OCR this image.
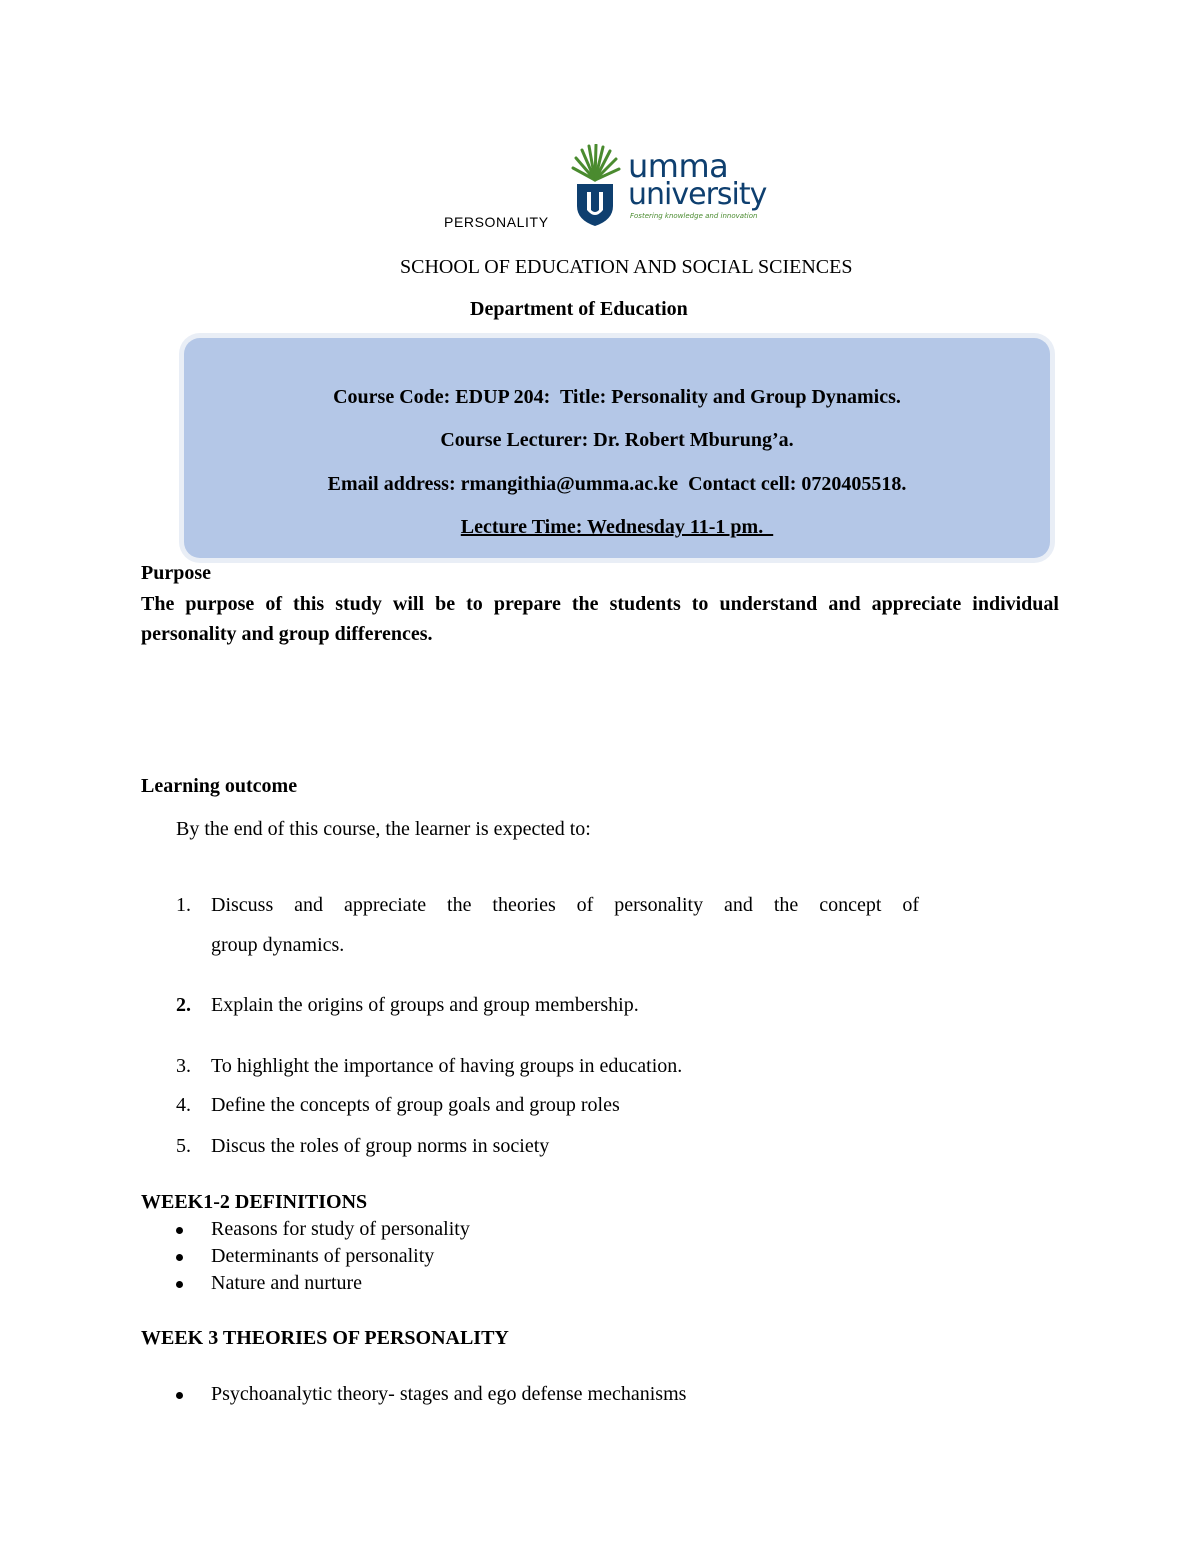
PERSONALITY
umma
university
Fostering knowledge and innovation
SCHOOL OF EDUCATION AND SOCIAL SCIENCES
Department of Education
Course Code: EDUP 204:  Title: Personality and Group Dynamics.
Course Lecturer: Dr. Robert Mburung’a.
Email address: rmangithia@umma.ac.ke  Contact cell: 0720405518.
Lecture Time: Wednesday 11-1 pm.
Purpose
The purpose of this study will be to prepare the students to understand and appreciate individual personality and group differences.
Learning outcome
By the end of this course, the learner is expected to:
1. Discuss and appreciate the theories of personality and the concept of
group dynamics.
2. Explain the origins of groups and group membership.
3. To highlight the importance of having groups in education.
4. Define the concepts of group goals and group roles
5. Discus the roles of group norms in society
WEEK1-2 DEFINITIONS
Reasons for study of personality
Determinants of personality
Nature and nurture
WEEK 3 THEORIES OF PERSONALITY
Psychoanalytic theory- stages and ego defense mechanisms
